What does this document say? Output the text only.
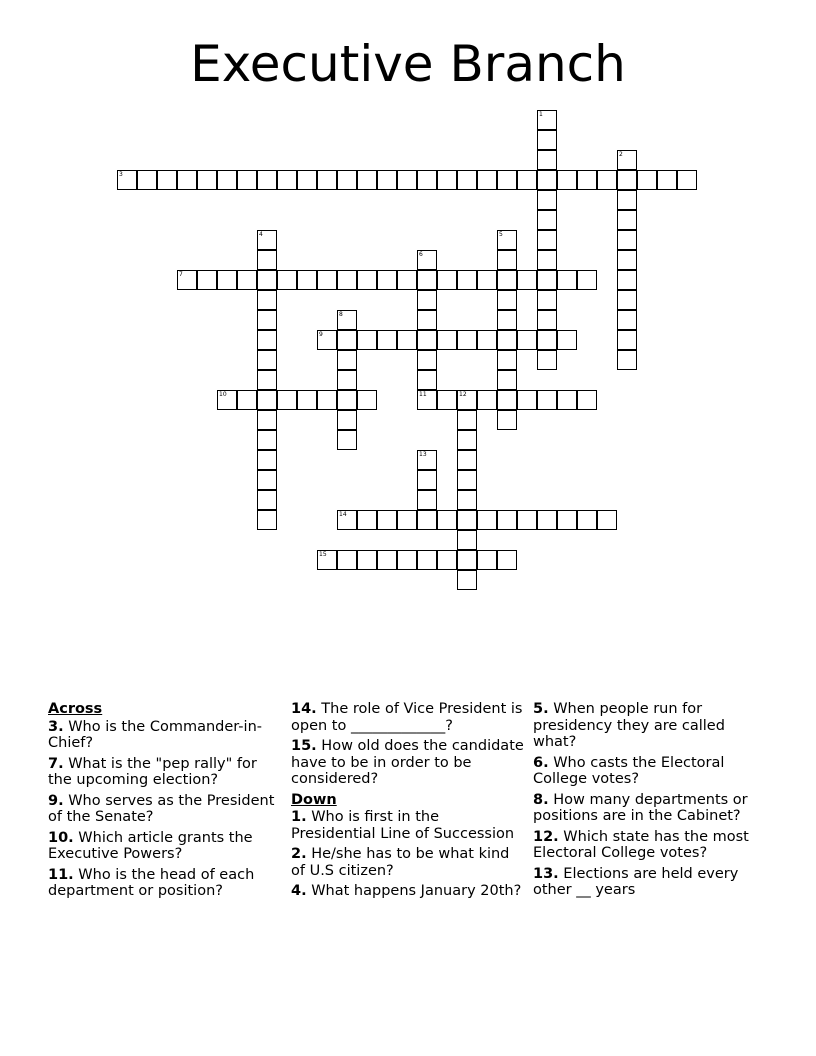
Executive Branch
1
2
3
4	5
6
11
7
8
9
10	12
13
14
15
Across
3. Who is the Commander-in-Chief?
7. What is the "pep rally" for the upcoming election?
9. Who serves as the President of the Senate?
10. Which article grants the Executive Powers?
11. Who is the head of each department or position?
14. The role of Vice President is open to _____________?
15. How old does the candidate have to be in order to be considered?
Down
1. Who is first in the Presidential Line of Succession
2. He/she has to be what kind of U.S citizen?
4. What happens January 20th?
5. When people run for presidency they are called what?
6. Who casts the Electoral College votes?
8. How many departments or positions are in the Cabinet?
12. Which state has the most Electoral College votes?
13. Elections are held every other __ years
